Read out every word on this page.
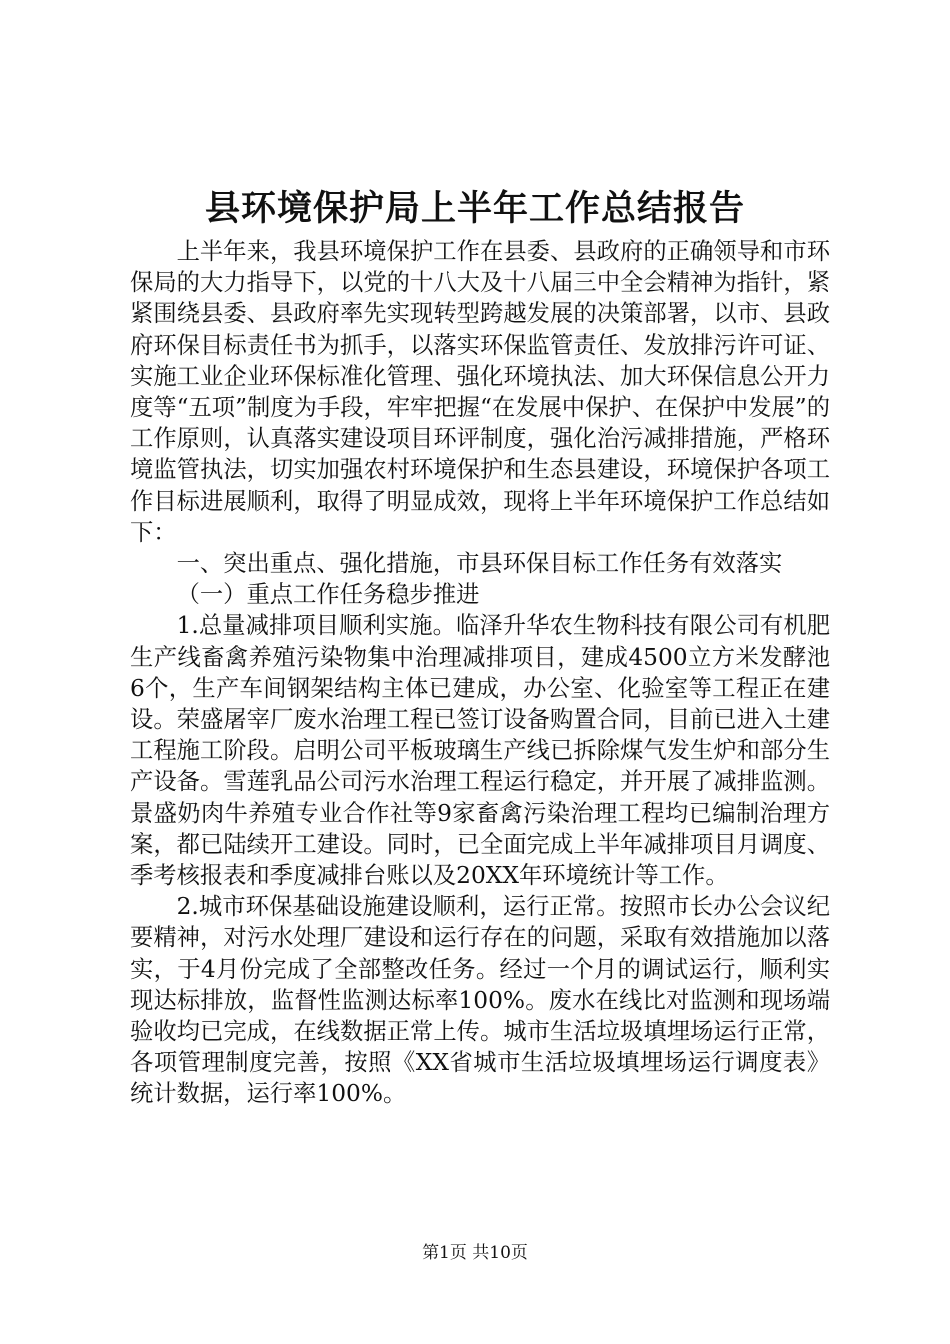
县环境保护局上半年工作总结报告

上半年来，我县环境保护工作在县委、县政府的正确领导和市环保局的大力指导下，以党的十八大及十八届三中全会精神为指针，紧紧围绕县委、县政府率先实现转型跨越发展的决策部署，以市、县政府环保目标责任书为抓手，以落实环保监管责任、发放排污许可证、实施工业企业环保标准化管理、强化环境执法、加大环保信息公开力度等“五项”制度为手段，牢牢把握“在发展中保护、在保护中发展”的工作原则，认真落实建设项目环评制度，强化治污减排措施，严格环境监管执法，切实加强农村环境保护和生态县建设，环境保护各项工作目标进展顺利，取得了明显成效，现将上半年环境保护工作总结如下：

一、突出重点、强化措施，市县环保目标工作任务有效落实

（一）重点工作任务稳步推进

1.总量减排项目顺利实施。临泽升华农生物科技有限公司有机肥生产线畜禽养殖污染物集中治理减排项目，建成4500立方米发酵池6个，生产车间钢架结构主体已建成，办公室、化验室等工程正在建设。荣盛屠宰厂废水治理工程已签订设备购置合同，目前已进入土建工程施工阶段。启明公司平板玻璃生产线已拆除煤气发生炉和部分生产设备。雪莲乳品公司污水治理工程运行稳定，并开展了减排监测。景盛奶肉牛养殖专业合作社等9家畜禽污染治理工程均已编制治理方案，都已陆续开工建设。同时，已全面完成上半年减排项目月调度、季考核报表和季度减排台账以及20XX年环境统计等工作。

2.城市环保基础设施建设顺利，运行正常。按照市长办公会议纪要精神，对污水处理厂建设和运行存在的问题，采取有效措施加以落实，于4月份完成了全部整改任务。经过一个月的调试运行，顺利实现达标排放，监督性监测达标率100%。废水在线比对监测和现场端验收均已完成，在线数据正常上传。城市生活垃圾填埋场运行正常，各项管理制度完善，按照《XX省城市生活垃圾填埋场运行调度表》统计数据，运行率100%。

第1页 共10页
